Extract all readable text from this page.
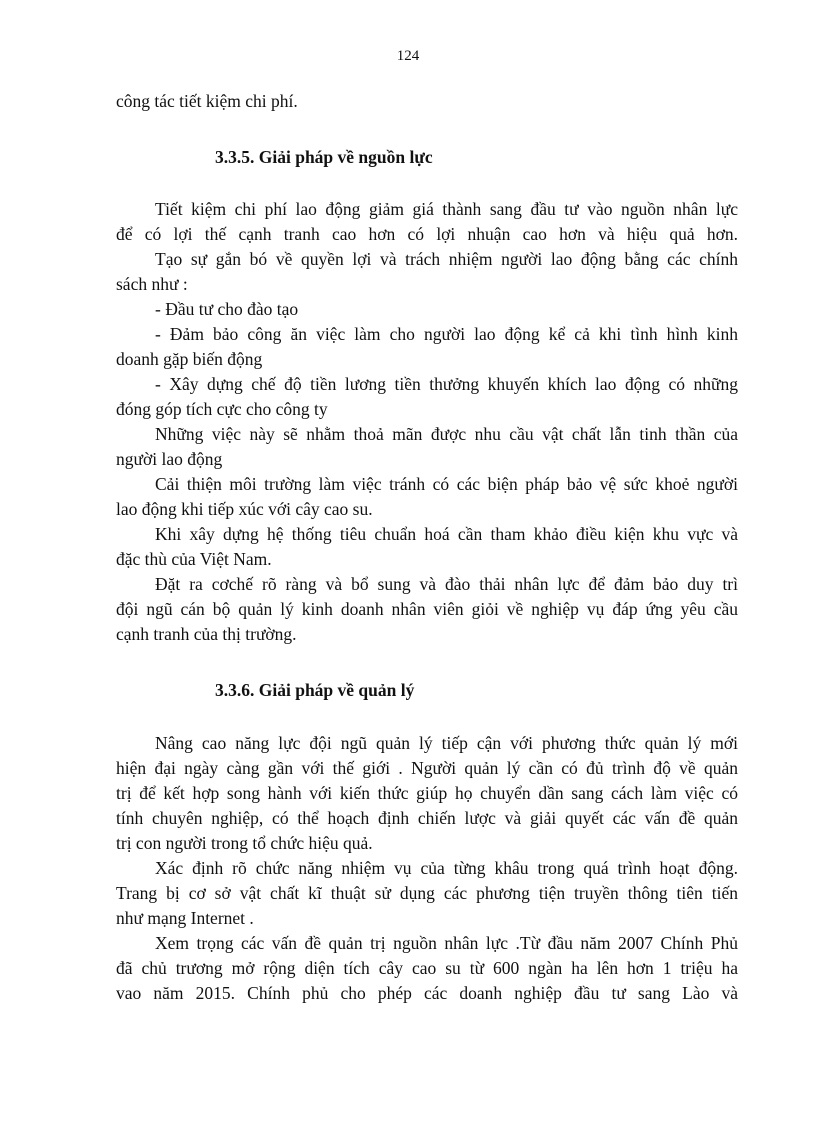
124

công tác tiết kiệm chi phí.

3.3.5. Giải pháp về nguồn lực

Tiết kiệm chi phí lao động giảm giá thành sang đầu tư vào nguồn nhân lực

để có lợi thế cạnh tranh cao hơn có lợi nhuận cao hơn và hiệu quả hơn.

Tạo sự gắn bó về quyền lợi và trách nhiệm người lao động bằng các chính

sách như :

- Đầu tư cho đào tạo

- Đảm bảo công ăn việc làm cho người lao động kể cả khi tình hình kinh

doanh gặp biến động

- Xây dựng chế độ tiền lương tiền thưởng khuyến khích lao động có những

đóng góp tích cực cho công ty

Những việc này sẽ nhằm thoả mãn được nhu cầu vật chất lẫn tinh thần của

người lao động

Cải thiện môi trường làm việc tránh có các biện pháp bảo vệ sức khoẻ người

lao động khi tiếp xúc với cây cao su.

Khi xây dựng hệ thống tiêu chuẩn hoá cần tham khảo điều kiện khu vực và

đặc thù của Việt Nam.

Đặt ra cơchế rõ ràng và bổ sung và đào thải nhân lực để đảm bảo duy trì

đội ngũ cán bộ quản lý kinh doanh nhân viên giỏi về nghiệp vụ đáp ứng yêu cầu

cạnh tranh của thị trường.

3.3.6. Giải pháp về quản lý

Nâng cao năng lực đội ngũ quản lý tiếp cận với phương thức quản lý mới

hiện đại ngày càng gần với thế giới . Người quản lý cần có đủ trình độ về quản

trị để kết hợp song hành với kiến thức giúp họ chuyển dần sang cách làm việc có

tính chuyên nghiệp, có thể hoạch định chiến lược và giải quyết các vấn đề quản

trị con người trong tổ chức hiệu quả.

Xác định rõ chức năng nhiệm vụ của từng khâu trong quá trình hoạt động.

Trang bị cơ sở vật chất kĩ thuật sử dụng các phương tiện truyền thông tiên tiến

như mạng Internet .

Xem trọng các vấn đề quản trị nguồn nhân lực .Từ đầu năm 2007 Chính Phủ

đã chủ trương mở rộng diện tích cây cao su từ 600 ngàn ha lên hơn 1 triệu ha

vao năm 2015. Chính phủ cho phép các doanh nghiệp đầu tư sang Lào và
